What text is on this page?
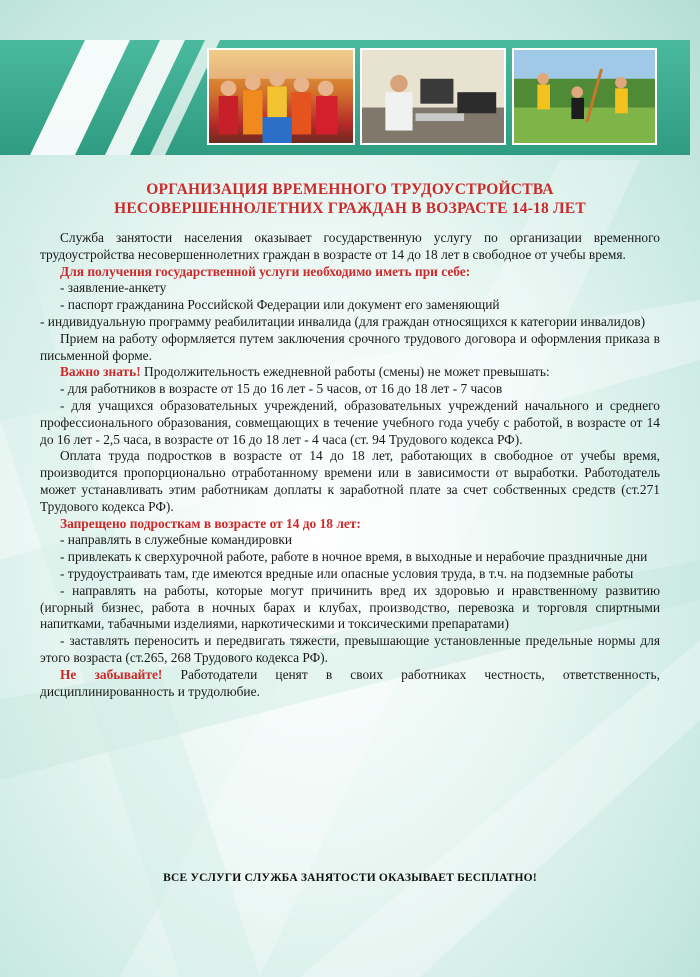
ОРГАНИЗАЦИЯ ВРЕМЕННОГО ТРУДОУСТРОЙСТВА
НЕСОВЕРШЕННОЛЕТНИХ ГРАЖДАН В ВОЗРАСТЕ 14-18 ЛЕТ

Служба занятости населения оказывает государственную услугу по организации временного трудоустройства несовершеннолетних граждан в возрасте от 14 до 18 лет в свободное от учебы время.

Для получения государственной услуги необходимо иметь при себе:

- заявление-анкету

- паспорт гражданина Российской Федерации или документ его заменяющий

- индивидуальную программу реабилитации инвалида (для граждан относящихся к категории инвалидов)

Прием на работу оформляется путем заключения срочного трудового договора и оформления приказа в письменной форме.

Важно знать! Продолжительность ежедневной работы (смены) не может превышать:

- для работников в возрасте от 15 до 16 лет - 5 часов, от 16 до 18 лет - 7 часов

- для учащихся образовательных учреждений, образовательных учреждений начального и среднего профессионального образования, совмещающих в течение учебного года учебу с работой, в возрасте от 14 до 16 лет - 2,5 часа, в возрасте от 16 до 18 лет - 4 часа (ст. 94 Трудового кодекса РФ).

Оплата труда подростков в возрасте от 14 до 18 лет, работающих в свободное от учебы время, производится пропорционально отработанному времени или в зависимости от выработки. Работодатель может устанавливать этим работникам доплаты к заработной плате за счет собственных средств (ст.271 Трудового кодекса РФ).

Запрещено подросткам в возрасте от 14 до 18 лет:

- направлять в служебные командировки

- привлекать к сверхурочной работе, работе в ночное время, в выходные и нерабочие праздничные дни

- трудоустраивать там, где имеются вредные или опасные условия труда, в т.ч. на подземные работы

- направлять на работы, которые могут причинить вред их здоровью и нравственному развитию (игорный бизнес, работа в ночных барах и клубах, производство, перевозка и торговля спиртными напитками, табачными изделиями, наркотическими и токсическими препаратами)

- заставлять переносить и передвигать тяжести, превышающие установленные предельные нормы для этого возраста (ст.265, 268 Трудового кодекса РФ).

Не забывайте! Работодатели ценят в своих работниках честность, ответственность, дисциплинированность и трудолюбие.

ВСЕ УСЛУГИ СЛУЖБА ЗАНЯТОСТИ ОКАЗЫВАЕТ БЕСПЛАТНО!
